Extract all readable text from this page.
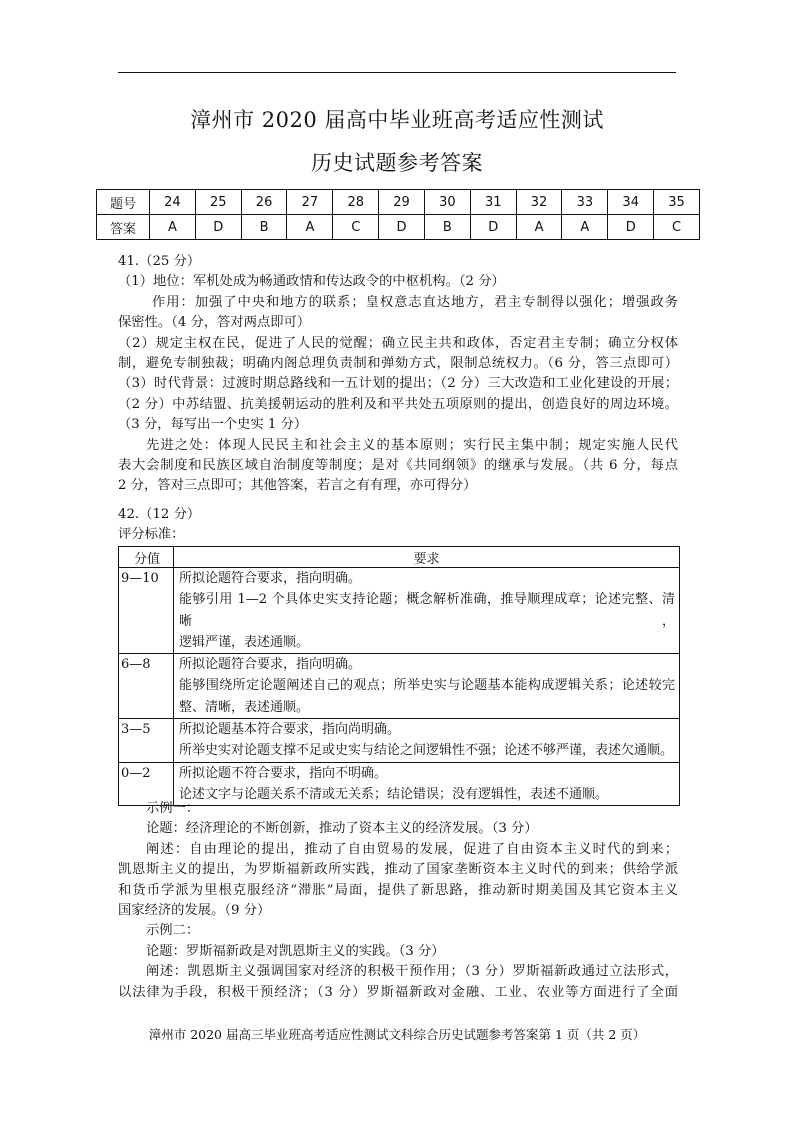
漳州市 2020 届高中毕业班高考适应性测试
历史试题参考答案
题号	24	25	26	27	28	29	30	31	32	33	34	35
答案	A	D	B	A	C	D	B	D	A	A	D	C
41.（25 分）
（1）地位：军机处成为畅通政情和传达政令的中枢机构。（2 分）
作用：加强了中央和地方的联系；皇权意志直达地方，君主专制得以强化；增强政务
保密性。（4 分，答对两点即可）
（2）规定主权在民，促进了人民的觉醒；确立民主共和政体，否定君主专制；确立分权体
制，避免专制独裁；明确内阁总理负责制和弹劾方式，限制总统权力。（6 分，答三点即可）
（3）时代背景：过渡时期总路线和一五计划的提出；（2 分）三大改造和工业化建设的开展；
（2 分）中苏结盟、抗美援朝运动的胜利及和平共处五项原则的提出，创造良好的周边环境。
（3 分，每写出一个史实 1 分）
先进之处：体现人民民主和社会主义的基本原则；实行民主集中制；规定实施人民代
表大会制度和民族区域自治制度等制度；是对《共同纲领》的继承与发展。（共 6 分，每点
2 分，答对三点即可；其他答案，若言之有有理，亦可得分）
42.（12 分）
评分标准：
分值	要求
9—10	所拟论题符合要求，指向明确。
能够引用 1—2 个具体史实支持论题；概念解析准确，推导顺理成章；论述完整、清晰，
逻辑严谨，表述通顺。

6—8	所拟论题符合要求，指向明确。
能够围绕所定论题阐述自己的观点；所举史实与论题基本能构成逻辑关系；论述较完
整、清晰，表述通顺。

3—5	所拟论题基本符合要求，指向尚明确。
所举史实对论题支撑不足或史实与结论之间逻辑性不强；论述不够严谨，表述欠通顺。

0—2	所拟论题不符合要求，指向不明确。
论述文字与论题关系不清或无关系；结论错误；没有逻辑性，表述不通顺。
示例一：
论题：经济理论的不断创新，推动了资本主义的经济发展。（3 分）
阐述：自由理论的提出，推动了自由贸易的发展，促进了自由资本主义时代的到来；
凯恩斯主义的提出，为罗斯福新政所实践，推动了国家垄断资本主义时代的到来；供给学派
和货币学派为里根克服经济“滞胀”局面，提供了新思路，推动新时期美国及其它资本主义
国家经济的发展。（9 分）
示例二：
论题：罗斯福新政是对凯恩斯主义的实践。（3 分）
阐述：凯恩斯主义强调国家对经济的积极干预作用；（3 分）罗斯福新政通过立法形式，
以法律为手段，积极干预经济；（3 分）罗斯福新政对金融、工业、农业等方面进行了全面
漳州市 2020 届高三毕业班高考适应性测试文科综合历史试题参考答案第 1 页（共 2 页）
